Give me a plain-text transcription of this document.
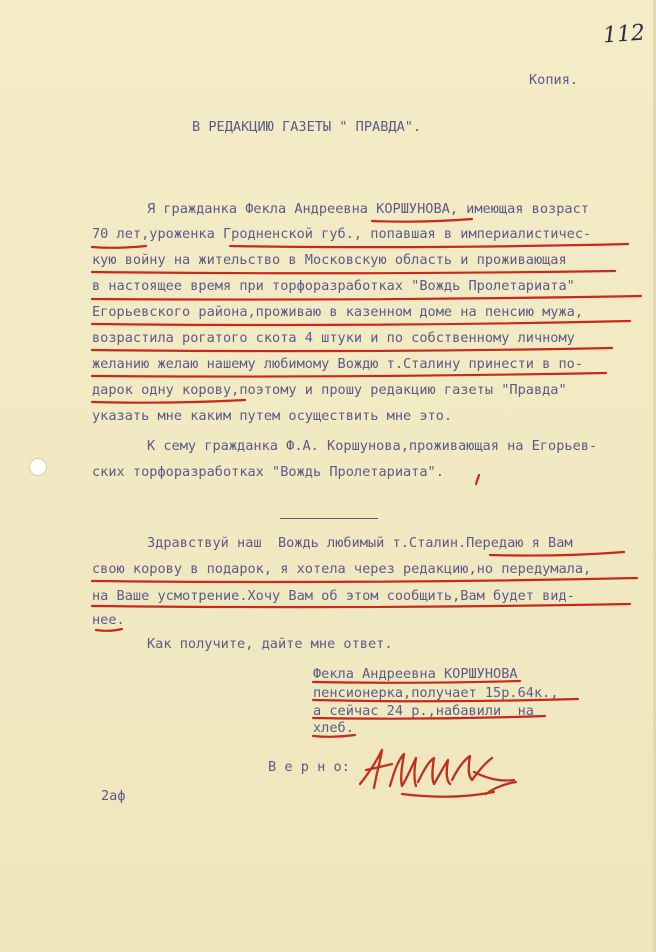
112
Копия.
В РЕДАКЦИЮ ГАЗЕТЫ " ПРАВДА".
Я гражданка Фекла Андреевна КОРШУНОВА, имеющая возраст
70 лет,уроженка Гродненской губ., попавшая в империалистичес-
кую войну на жительство в Московскую область и проживающая
в настоящее время при торфоразработках "Вождь Пролетариата"
Егорьевского района,проживаю в казенном доме на пенсию мужа,
возрастила рогатого скота 4 штуки и по собственному личному
желанию желаю нашему любимому Вождю т.Сталину принести в по-
дарок одну корову,поэтому и прошу редакцию газеты "Правда"
указать мне каким путем осуществить мне это.
К сему гражданка Ф.А. Коршунова,проживающая на Егорьев-
ских торфоразработках "Вождь Пролетариата".
Здравствуй наш  Вождь любимый т.Сталин.Передаю я Вам
свою корову в подарок, я хотела через редакцию,но передумала,
на Ваше усмотрение.Хочу Вам об этом сообщить,Вам будет вид-
нее.
Как получите, дайте мне ответ.
Фекла Андреевна КОРШУНОВА
пенсионерка,получает 15р.64к.,
а сейчас 24 р.,набавили  на
хлеб.
В е р н о:
2аф
